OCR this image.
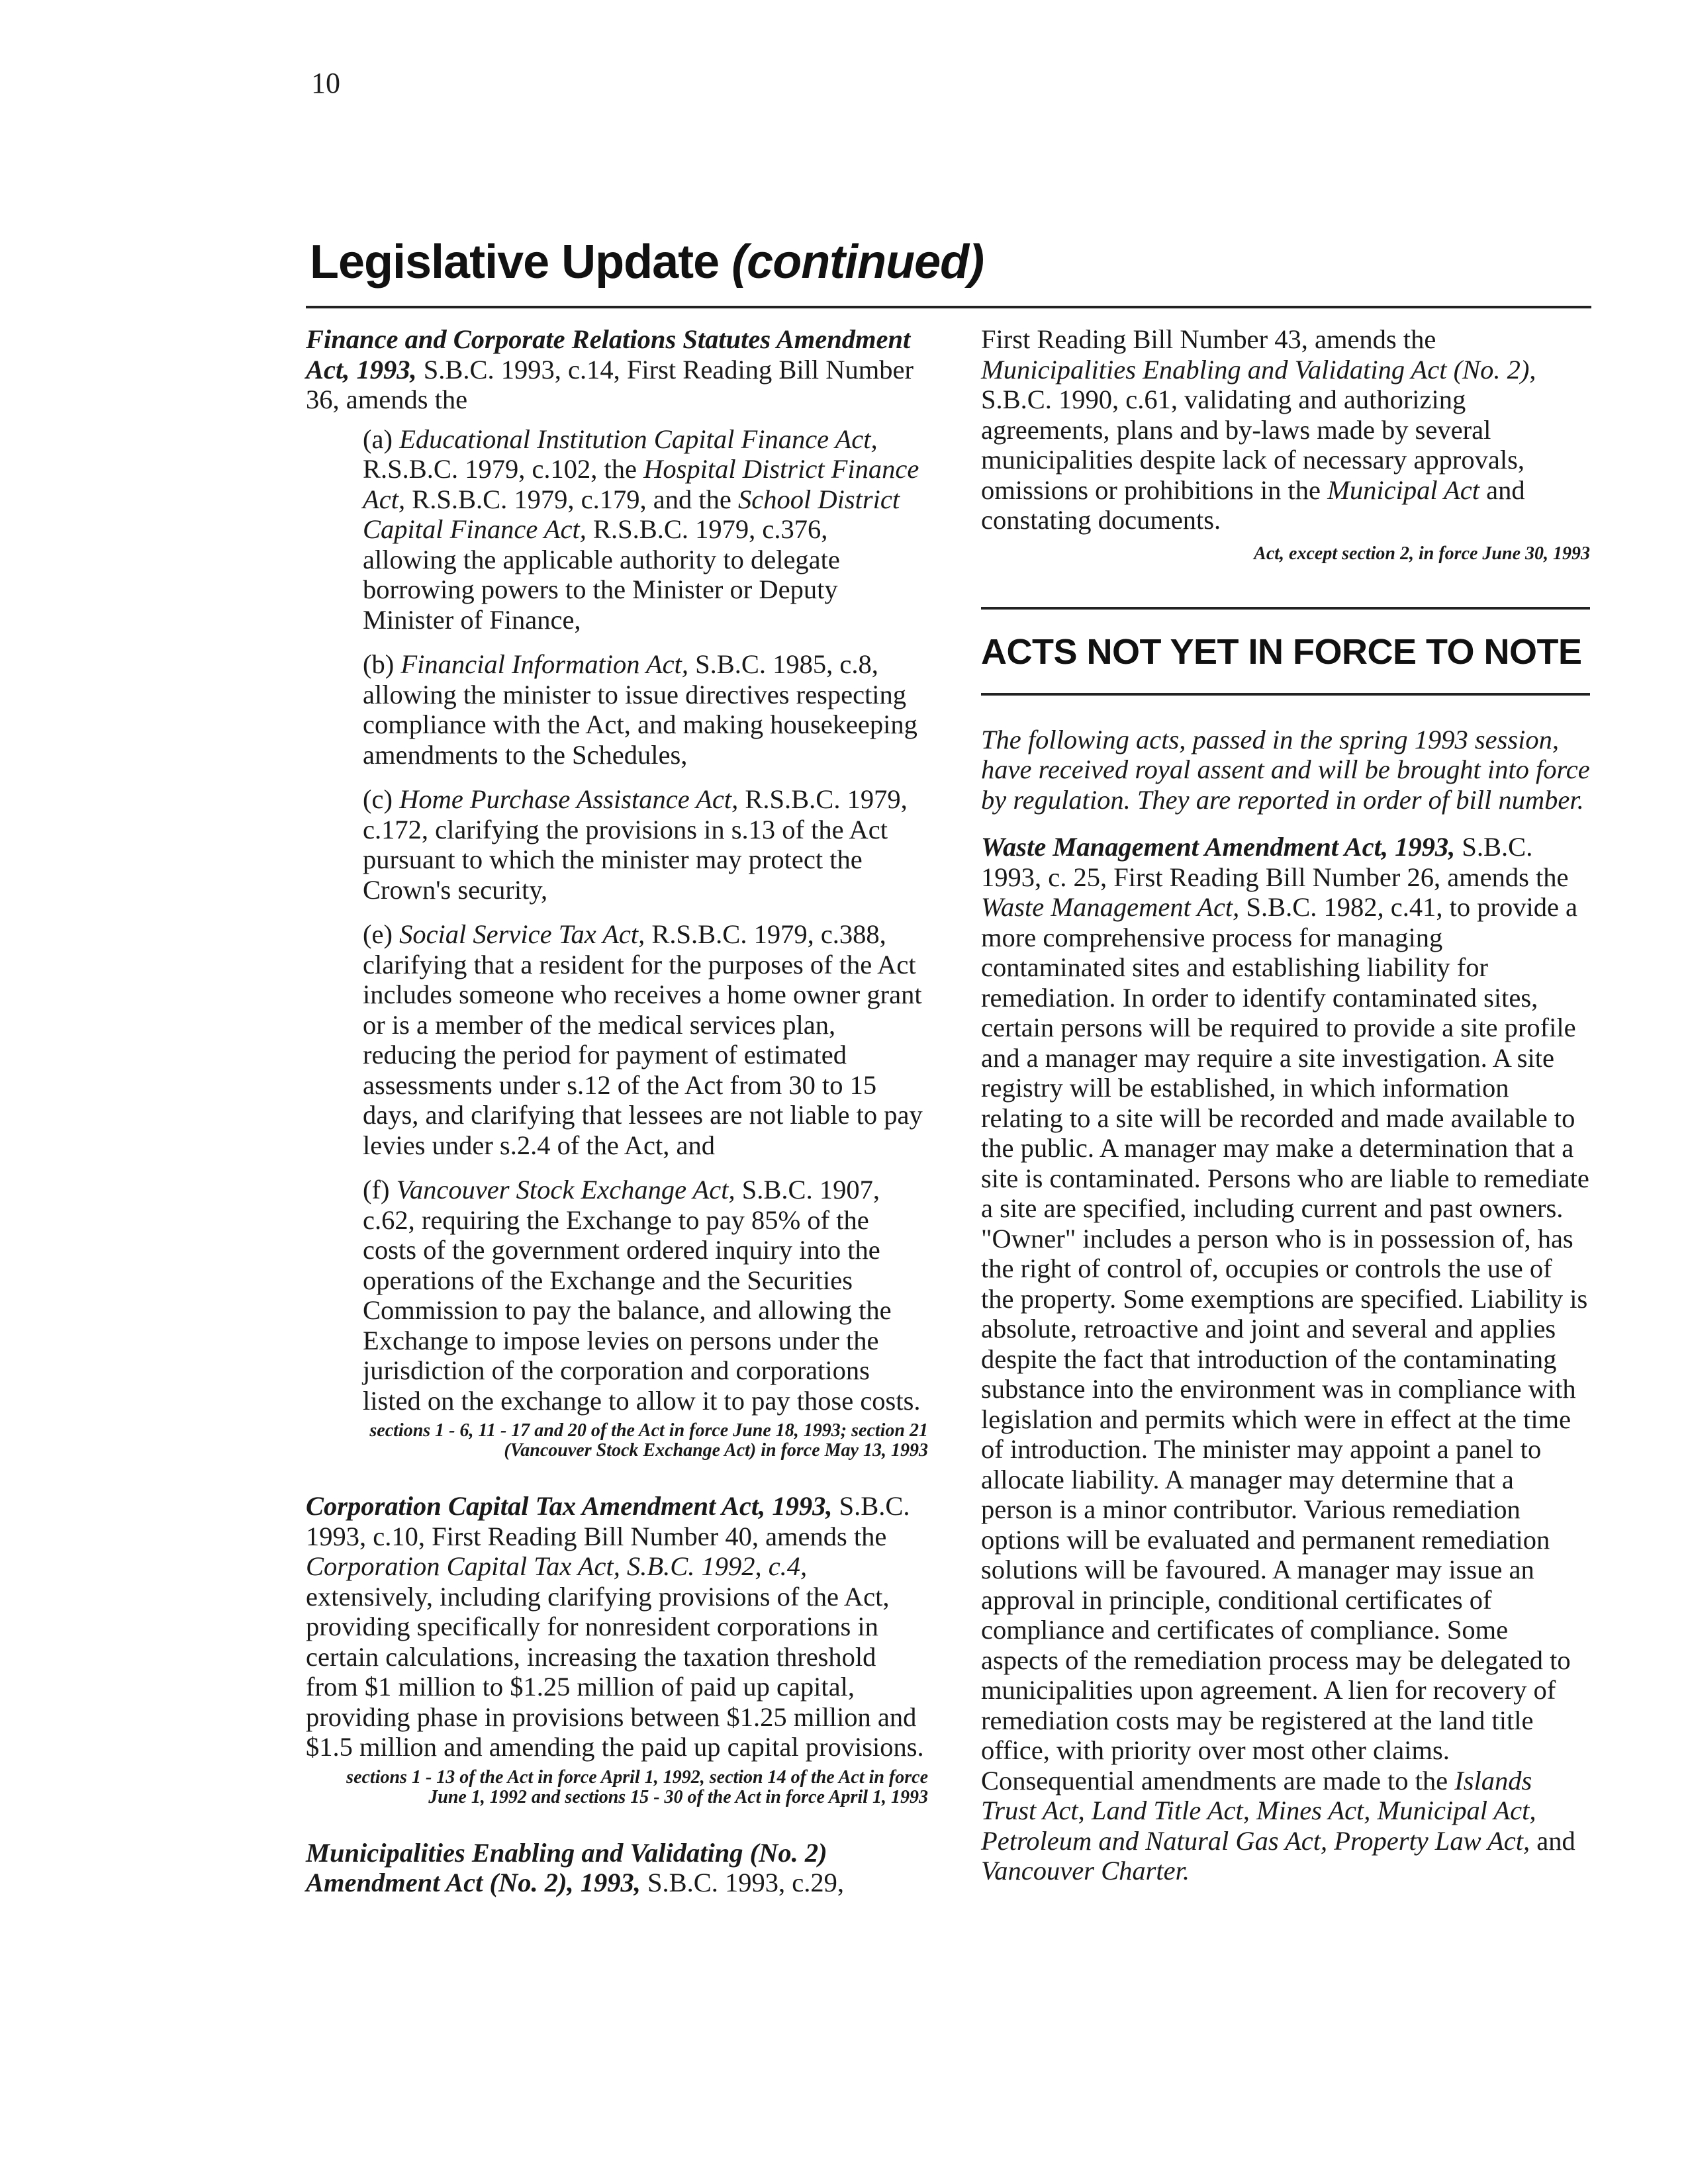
10
Legislative Update (continued)

Finance and Corporate Relations Statutes Amendment Act, 1993, S.B.C. 1993, c.14, First Reading Bill Number 36, amends the

(a) Educational Institution Capital Finance Act, R.S.B.C. 1979, c.102, the Hospital District Finance Act, R.S.B.C. 1979, c.179, and the School District Capital Finance Act, R.S.B.C. 1979, c.376, allowing the applicable authority to delegate borrowing powers to the Minister or Deputy Minister of Finance,

(b) Financial Information Act, S.B.C. 1985, c.8, allowing the minister to issue directives respecting compliance with the Act, and making housekeeping amendments to the Schedules,

(c) Home Purchase Assistance Act, R.S.B.C. 1979, c.172, clarifying the provisions in s.13 of the Act pursuant to which the minister may protect the Crown's security,

(e) Social Service Tax Act, R.S.B.C. 1979, c.388, clarifying that a resident for the purposes of the Act includes someone who receives a home owner grant or is a member of the medical services plan, reducing the period for payment of estimated assessments under s.12 of the Act from 30 to 15 days, and clarifying that lessees are not liable to pay levies under s.2.4 of the Act, and

(f) Vancouver Stock Exchange Act, S.B.C. 1907, c.62, requiring the Exchange to pay 85% of the costs of the government ordered inquiry into the operations of the Exchange and the Securities Commission to pay the balance, and allowing the Exchange to impose levies on persons under the jurisdiction of the corporation and corporations listed on the exchange to allow it to pay those costs.

sections 1 - 6, 11 - 17 and 20 of the Act in force June 18, 1993; section 21 (Vancouver Stock Exchange Act) in force May 13, 1993

Corporation Capital Tax Amendment Act, 1993, S.B.C. 1993, c.10, First Reading Bill Number 40, amends the Corporation Capital Tax Act, S.B.C. 1992, c.4, extensively, including clarifying provisions of the Act, providing specifically for nonresident corporations in certain calculations, increasing the taxation threshold from $1 million to $1.25 million of paid up capital, providing phase in provisions between $1.25 million and $1.5 million and amending the paid up capital provisions.

sections 1 - 13 of the Act in force April 1, 1992, section 14 of the Act in force June 1, 1992 and sections 15 - 30 of the Act in force April 1, 1993

Municipalities Enabling and Validating (No. 2) Amendment Act (No. 2), 1993, S.B.C. 1993, c.29,

First Reading Bill Number 43, amends the Municipalities Enabling and Validating Act (No. 2), S.B.C. 1990, c.61, validating and authorizing agreements, plans and by-laws made by several municipalities despite lack of necessary approvals, omissions or prohibitions in the Municipal Act and constating documents.

Act, except section 2, in force June 30, 1993

ACTS NOT YET IN FORCE TO NOTE

The following acts, passed in the spring 1993 session, have received royal assent and will be brought into force by regulation. They are reported in order of bill number.

Waste Management Amendment Act, 1993, S.B.C. 1993, c. 25, First Reading Bill Number 26, amends the Waste Management Act, S.B.C. 1982, c.41, to provide a more comprehensive process for managing contaminated sites and establishing liability for remediation. In order to identify contaminated sites, certain persons will be required to provide a site profile and a manager may require a site investigation. A site registry will be established, in which information relating to a site will be recorded and made available to the public. A manager may make a determination that a site is contaminated. Persons who are liable to remediate a site are specified, including current and past owners. "Owner" includes a person who is in possession of, has the right of control of, occupies or controls the use of the property. Some exemptions are specified. Liability is absolute, retroactive and joint and several and applies despite the fact that introduction of the contaminating substance into the environment was in compliance with legislation and permits which were in effect at the time of introduction. The minister may appoint a panel to allocate liability. A manager may determine that a person is a minor contributor. Various remediation options will be evaluated and permanent remediation solutions will be favoured. A manager may issue an approval in principle, conditional certificates of compliance and certificates of compliance. Some aspects of the remediation process may be delegated to municipalities upon agreement. A lien for recovery of remediation costs may be registered at the land title office, with priority over most other claims. Consequential amendments are made to the Islands Trust Act, Land Title Act, Mines Act, Municipal Act, Petroleum and Natural Gas Act, Property Law Act, and Vancouver Charter.
